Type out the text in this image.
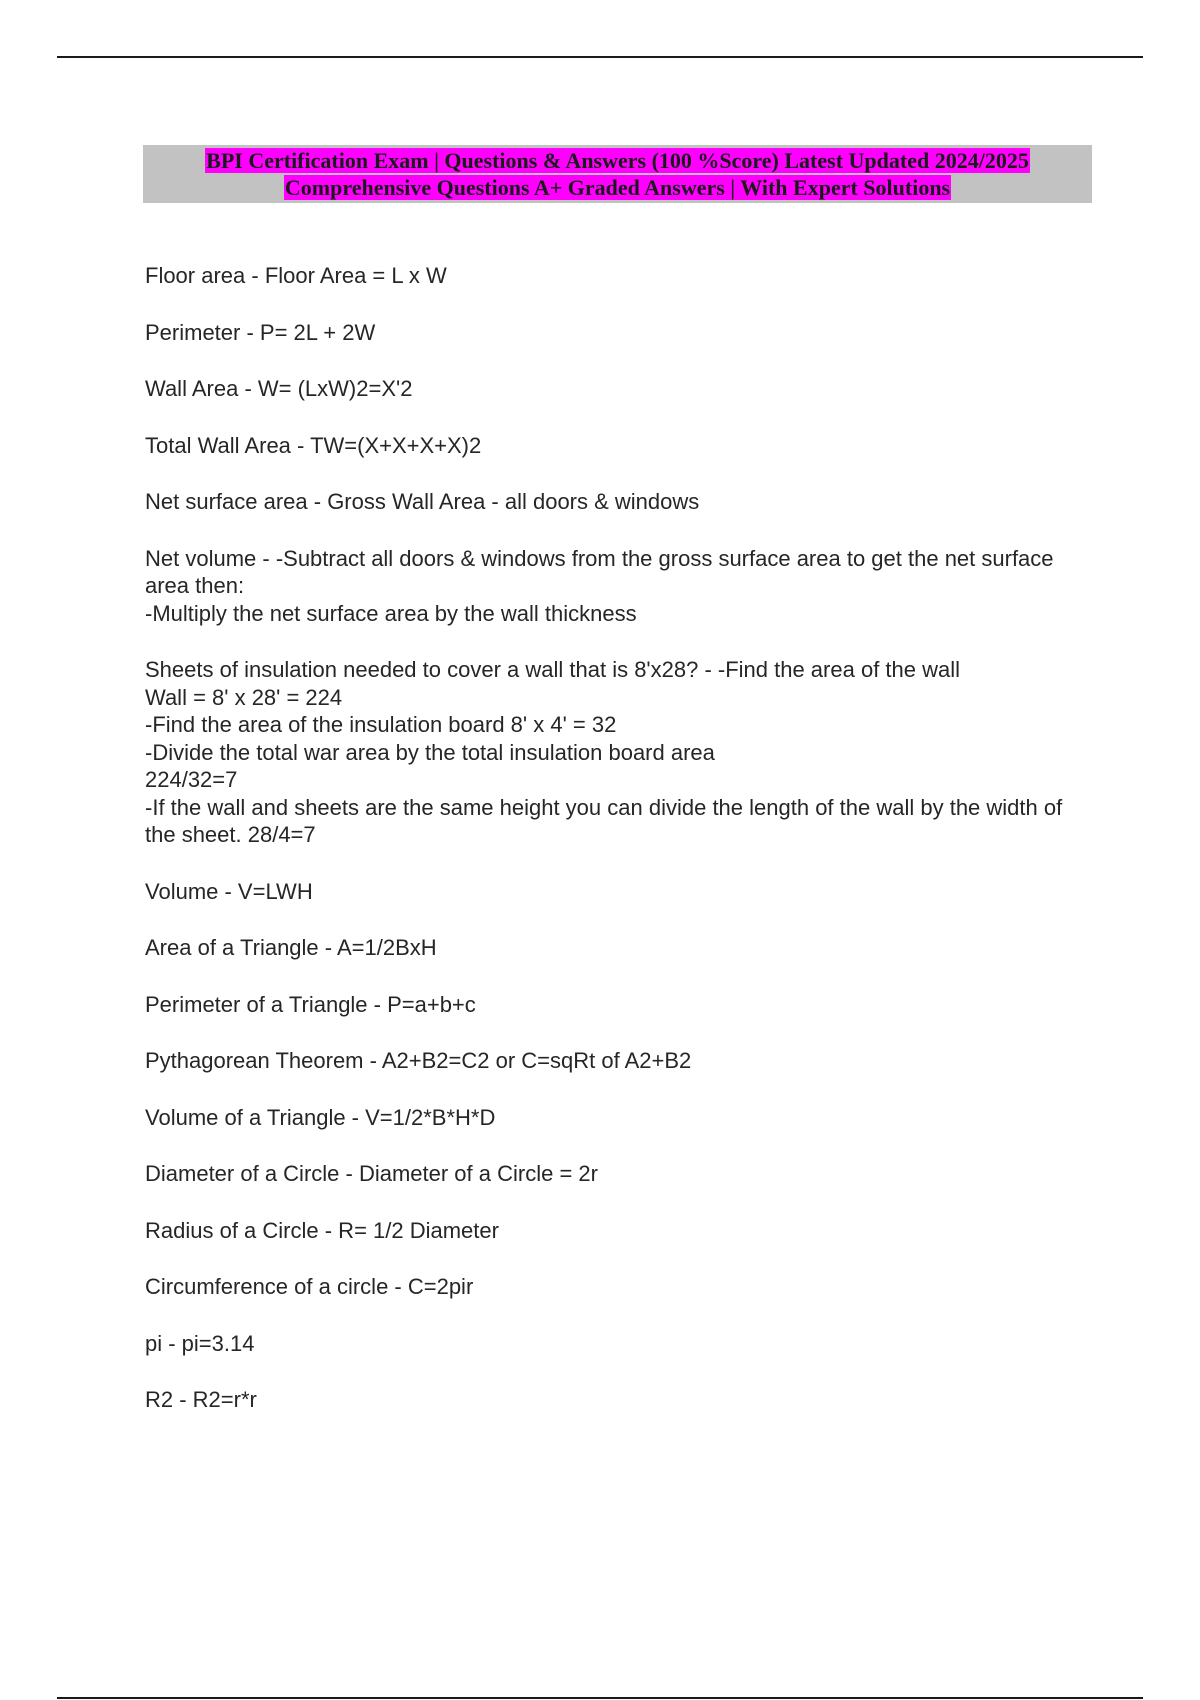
BPI Certification Exam | Questions & Answers (100 %Score) Latest Updated 2024/2025
Comprehensive Questions A+ Graded Answers | With Expert Solutions
Floor area - Floor Area = L x W
Perimeter - P= 2L + 2W
Wall Area - W= (LxW)2=X'2
Total Wall Area - TW=(X+X+X+X)2
Net surface area - Gross Wall Area - all doors & windows
Net volume - -Subtract all doors & windows from the gross surface area to get the net surface area then:
-Multiply the net surface area by the wall thickness
Sheets of insulation needed to cover a wall that is 8'x28? - -Find the area of the wall
Wall = 8' x 28' = 224
-Find the area of the insulation board 8' x 4' = 32
-Divide the total war area by the total insulation board area
224/32=7
-If the wall and sheets are the same height you can divide the length of the wall by the width of the sheet. 28/4=7
Volume - V=LWH
Area of a Triangle - A=1/2BxH
Perimeter of a Triangle - P=a+b+c
Pythagorean Theorem - A2+B2=C2 or C=sqRt of A2+B2
Volume of a Triangle - V=1/2*B*H*D
Diameter of a Circle - Diameter of a Circle = 2r
Radius of a Circle - R= 1/2 Diameter
Circumference of a circle - C=2pir
pi - pi=3.14
R2 - R2=r*r
